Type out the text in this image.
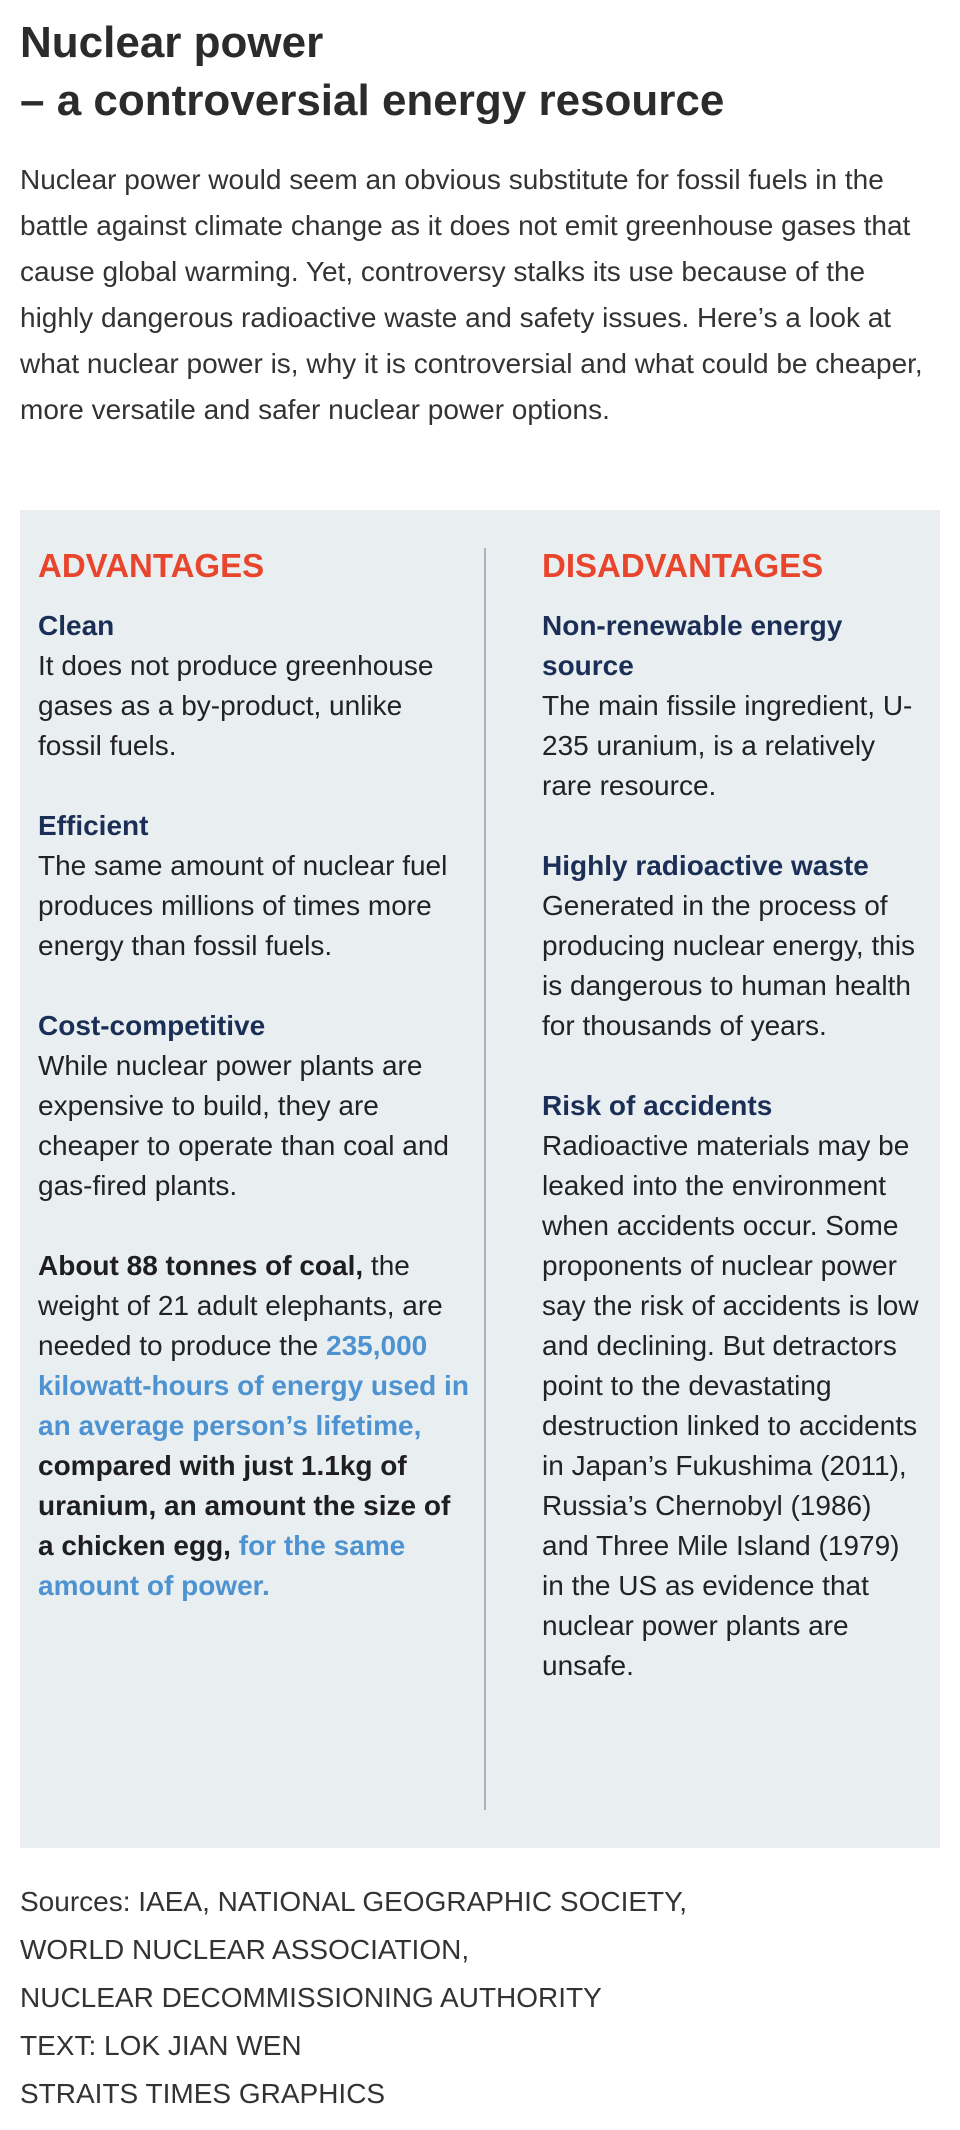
Nuclear power
– a controversial energy resource

Nuclear power would seem an obvious substitute for fossil fuels in the battle against climate change as it does not emit greenhouse gases that cause global warming. Yet, controversy stalks its use because of the highly dangerous radioactive waste and safety issues. Here’s a look at what nuclear power is, why it is controversial and what could be cheaper, more versatile and safer nuclear power options.

ADVANTAGES
Clean
It does not produce greenhouse gases as a by-product, unlike fossil fuels.
Efficient
The same amount of nuclear fuel produces millions of times more energy than fossil fuels.
Cost-competitive
While nuclear power plants are expensive to build, they are cheaper to operate than coal and gas-fired plants.

About 88 tonnes of coal, the weight of 21 adult elephants, are needed to produce the 235,000 kilowatt-hours of energy used in an average person’s lifetime, compared with just 1.1kg of uranium, an amount the size of a chicken egg, for the same amount of power.

DISADVANTAGES
Non-renewable energy source
The main fissile ingredient, U-235 uranium, is a relatively rare resource.
Highly radioactive waste
Generated in the process of producing nuclear energy, this is dangerous to human health for thousands of years.
Risk of accidents
Radioactive materials may be leaked into the environment when accidents occur. Some proponents of nuclear power say the risk of accidents is low and declining. But detractors point to the devastating destruction linked to accidents in Japan’s Fukushima (2011), Russia’s Chernobyl (1986) and Three Mile Island (1979) in the US as evidence that nuclear power plants are unsafe.
Sources: IAEA, NATIONAL GEOGRAPHIC SOCIETY,
WORLD NUCLEAR ASSOCIATION,
NUCLEAR DECOMMISSIONING AUTHORITY
TEXT: LOK JIAN WEN
STRAITS TIMES GRAPHICS
